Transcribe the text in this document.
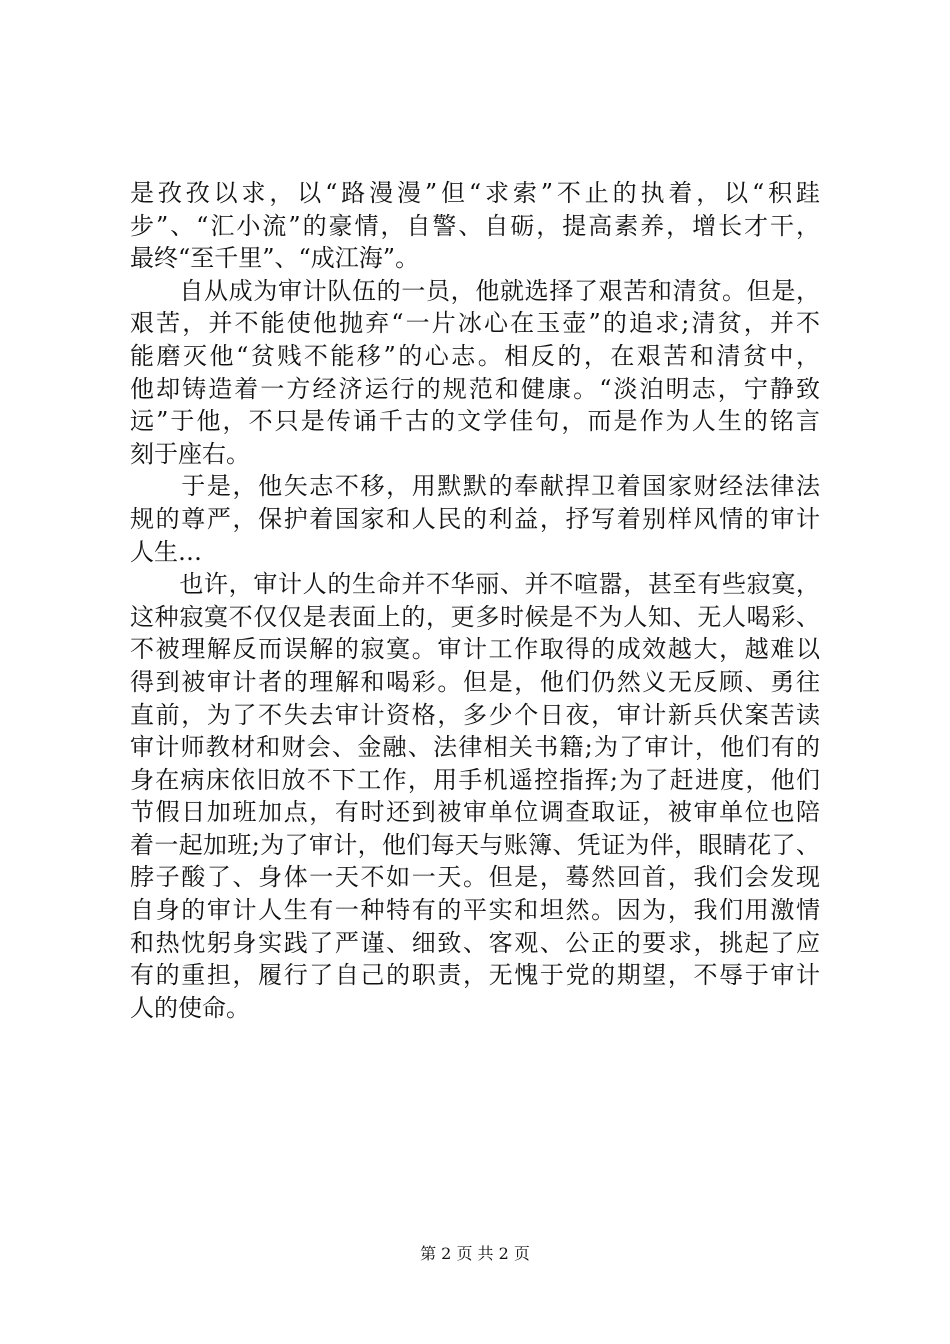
是孜孜以求，以“路漫漫”但“求索”不止的执着，以“积跬
步”、“汇小流”的豪情，自警、自砺，提高素养，增长才干，
最终“至千里”、“成江海”。
　　自从成为审计队伍的一员，他就选择了艰苦和清贫。但是，
艰苦，并不能使他抛弃“一片冰心在玉壶”的追求;清贫，并不
能磨灭他“贫贱不能移”的心志。相反的，在艰苦和清贫中，
他却铸造着一方经济运行的规范和健康。“淡泊明志，宁静致
远”于他，不只是传诵千古的文学佳句，而是作为人生的铭言
刻于座右。
　　于是，他矢志不移，用默默的奉献捍卫着国家财经法律法
规的尊严，保护着国家和人民的利益，抒写着别样风情的审计
人生…
　　也许，审计人的生命并不华丽、并不喧嚣，甚至有些寂寞，
这种寂寞不仅仅是表面上的，更多时候是不为人知、无人喝彩、
不被理解反而误解的寂寞。审计工作取得的成效越大，越难以
得到被审计者的理解和喝彩。但是，他们仍然义无反顾、勇往
直前，为了不失去审计资格，多少个日夜，审计新兵伏案苦读
审计师教材和财会、金融、法律相关书籍;为了审计，他们有的
身在病床依旧放不下工作，用手机遥控指挥;为了赶进度，他们
节假日加班加点，有时还到被审单位调查取证，被审单位也陪
着一起加班;为了审计，他们每天与账簿、凭证为伴，眼睛花了、
脖子酸了、身体一天不如一天。但是，蓦然回首，我们会发现
自身的审计人生有一种特有的平实和坦然。因为，我们用激情
和热忱躬身实践了严谨、细致、客观、公正的要求，挑起了应
有的重担，履行了自己的职责，无愧于党的期望，不辱于审计
人的使命。
第 2 页 共 2 页
